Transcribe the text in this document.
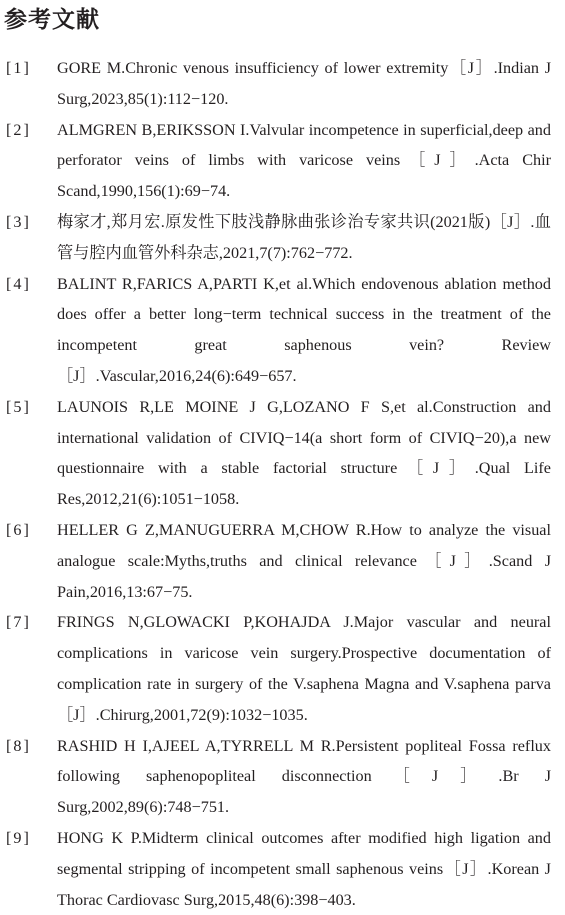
参考文献
[1]	GORE M.Chronic venous insufficiency of lower extremity［J］.Indian J Surg,2023,85(1):112−120.
[2]	ALMGREN B,ERIKSSON I.Valvular incompetence in superficial,deep and perforator veins of limbs with varicose veins［J］.Acta Chir Scand,1990,156(1):69−74.
[3]	梅家才,郑月宏.原发性下肢浅静脉曲张诊治专家共识(2021版)［J］.血管与腔内血管外科杂志,2021,7(7):762−772.
[4]	BALINT R,FARICS A,PARTI K,et al.Which endovenous ablation method does offer a better long−term technical success in the treatment of the incompetent great saphenous vein? Review［J］.Vascular,2016,24(6):649−657.
[5]	LAUNOIS R,LE MOINE J G,LOZANO F S,et al.Construction and international validation of CIVIQ−14(a short form of CIVIQ−20),a new questionnaire with a stable factorial structure［J］.Qual Life Res,2012,21(6):1051−1058.
[6]	HELLER G Z,MANUGUERRA M,CHOW R.How to analyze the visual analogue scale:Myths,truths and clinical relevance［J］.Scand J Pain,2016,13:67−75.
[7]	FRINGS N,GLOWACKI P,KOHAJDA J.Major vascular and neural complications in varicose vein surgery.Prospective documentation of complication rate in surgery of the V.saphena Magna and V.saphena parva［J］.Chirurg,2001,72(9):1032−1035.
[8]	RASHID H I,AJEEL A,TYRRELL M R.Persistent popliteal Fossa reflux following saphenopopliteal disconnection［J］.Br J Surg,2002,89(6):748−751.
[9]	HONG K P.Midterm clinical outcomes after modified high ligation and segmental stripping of incompetent small saphenous veins［J］.Korean J Thorac Cardiovasc Surg,2015,48(6):398−403.
